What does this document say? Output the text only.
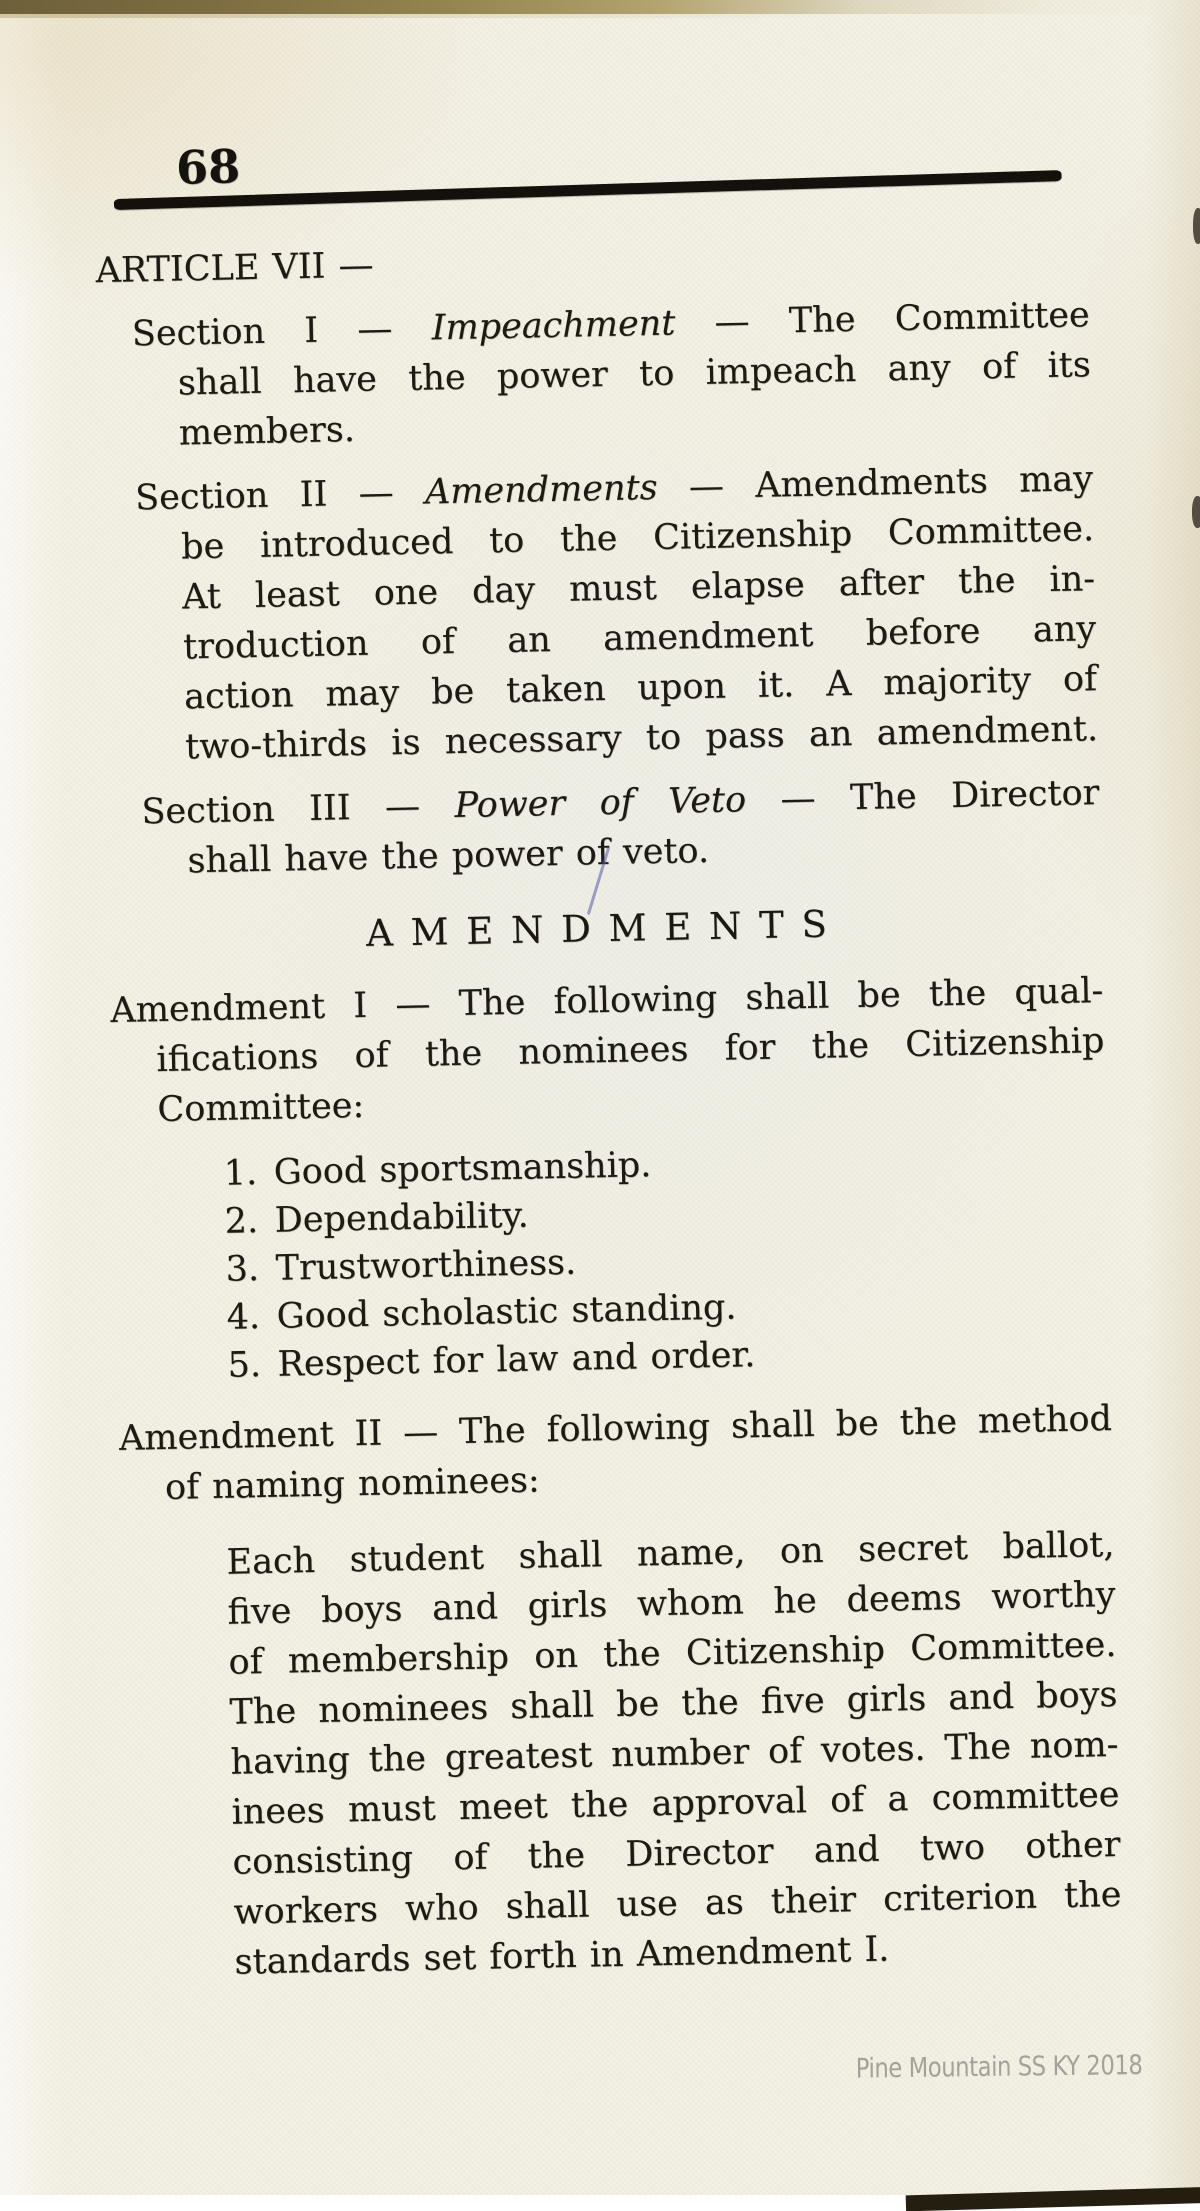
68
ARTICLE VII —
Section I — Impeachment — The Committee
shall have the power to impeach any of its
members.
Section II — Amendments — Amendments may
be introduced to the Citizenship Committee.
At least one day must elapse after the in-
troduction of an amendment before any
action may be taken upon it. A majority of
two-thirds is necessary to pass an amendment.
Section III — Power of Veto — The Director
shall have the power of veto.
AMENDMENTS
Amendment I — The following shall be the qual-
ifications of the nominees for the Citizenship
Committee:
1. Good sportsmanship.
2. Dependability.
3. Trustworthiness.
4. Good scholastic standing.
5. Respect for law and order.
Amendment II — The following shall be the method
of naming nominees:
Each student shall name, on secret ballot,
five boys and girls whom he deems worthy
of membership on the Citizenship Committee.
The nominees shall be the five girls and boys
having the greatest number of votes. The nom-
inees must meet the approval of a committee
consisting of the Director and two other
workers who shall use as their criterion the
standards set forth in Amendment I.
Pine Mountain SS KY 2018
